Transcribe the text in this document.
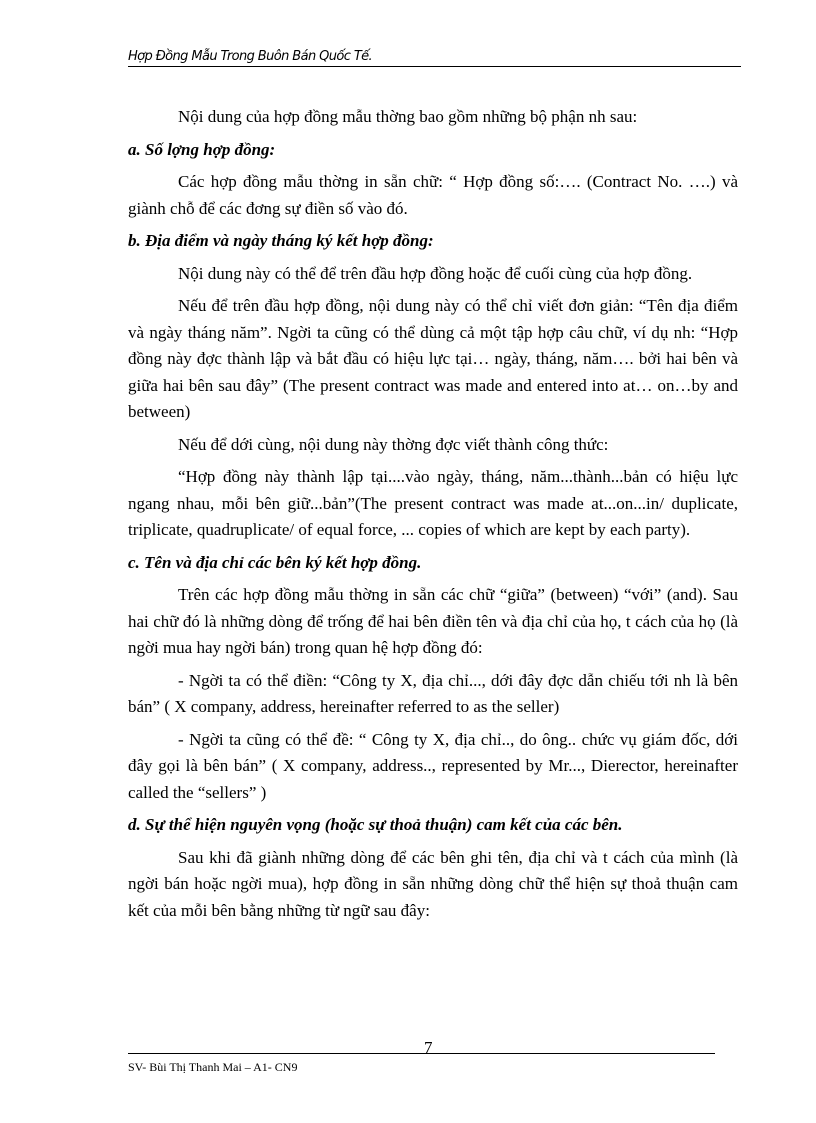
Hợp Đồng Mẫu Trong Buôn Bán Quốc Tế.

Nội dung của hợp đồng mẫu thờng bao gồm những bộ phận nh sau:

a. Số lợng hợp đồng:

Các hợp đồng mẫu thờng in sẵn chữ: “ Hợp đồng số:…. (Contract No. ….) và giành chỗ để các đơng sự điền số vào đó.

b. Địa điểm và ngày tháng ký kết hợp đồng:

Nội dung này có thể để trên đầu hợp đồng hoặc để cuối cùng của hợp đồng.

Nếu để trên đầu hợp đồng, nội dung này có thể chỉ viết đơn giản: “Tên địa điểm và ngày tháng năm”. Ngời ta cũng có thể dùng cả một tập hợp câu chữ, ví dụ nh: “Hợp đồng này đợc thành lập và bắt đầu có hiệu lực tại… ngày, tháng, năm…. bởi hai bên và giữa hai bên sau đây” (The present contract was made and entered into at… on…by and between)

Nếu để dới cùng, nội dung này thờng đợc viết thành công thức:

“Hợp đồng này thành lập tại....vào ngày, tháng, năm...thành...bản có hiệu lực ngang nhau, mỗi bên giữ...bản”(The present contract was made at...on...in/ duplicate, triplicate, quadruplicate/ of equal force, ... copies of which are kept by each party).

c. Tên và địa chỉ các bên ký kết hợp đồng.

Trên các hợp đồng mẫu thờng in sẵn các chữ “giữa” (between) “với” (and). Sau hai chữ đó là những dòng để trống để hai bên điền tên và địa chỉ của họ, t cách của họ (là ngời mua hay ngời bán) trong quan hệ hợp đồng đó:

- Ngời ta có thể điền: “Công ty X, địa chỉ..., dới đây đợc dẫn chiếu tới nh là bên bán” ( X company, address, hereinafter referred to as the seller)

- Ngời ta cũng có thể đề: “ Công ty X, địa chỉ.., do ông.. chức vụ giám đốc, dới đây gọi là bên bán” ( X company, address.., represented by Mr..., Dierector, hereinafter called the “sellers” )

d. Sự thể hiện nguyên vọng (hoặc sự thoả thuận) cam kết của các bên.

Sau khi đã giành những dòng để các bên ghi tên, địa chỉ và t cách của mình (là ngời bán hoặc ngời mua), hợp đồng in sẵn những dòng chữ thể hiện sự thoả thuận cam kết của mỗi bên bằng những từ ngữ sau đây:

7
SV- Bùi Thị Thanh Mai – A1- CN9
